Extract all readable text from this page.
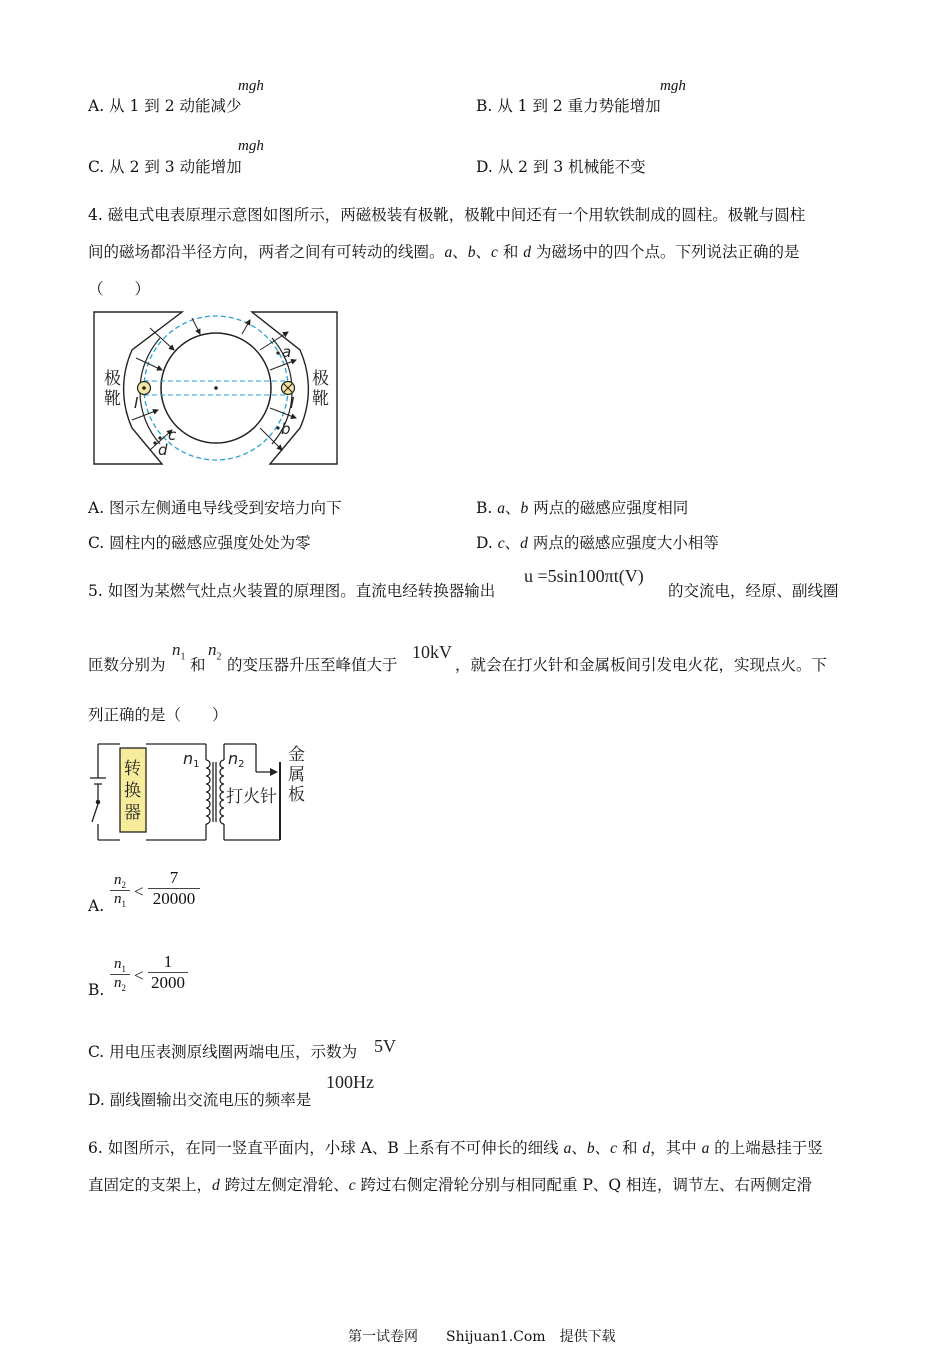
A. 从 1 到 2 动能减少
mgh
B. 从 1 到 2 重力势能增加
mgh
C. 从 2 到 3 动能增加
mgh
D. 从 2 到 3 机械能不变
4. 磁电式电表原理示意图如图所示，两磁极装有极靴，极靴中间还有一个用软铁制成的圆柱。极靴与圆柱
间的磁场都沿半径方向，两者之间有可转动的线圈。a、b、c 和 d 为磁场中的四个点。下列说法正确的是
（　　）
极
靴
极
靴
I	I
a
b
c
d
A. 图示左侧通电导线受到安培力向下	B. a、b 两点的磁感应强度相同
C. 圆柱内的磁感应强度处处为零	D. c、d 两点的磁感应强度大小相等
5. 如图为某燃气灶点火装置的原理图。直流电经转换器输出
u =5sin100πt(V)
的交流电，经原、副线圈
匝数分别为
$n_1$ 和
$n_2$ 的变压器升压至峰值大于
10kV
，就会在打火针和金属板间引发电火花，实现点火。下
列正确的是（　　）
转
换
器
n1 n2
打火针
金
属
板
A. $\frac{n_2}{n_1} < \frac{7}{20000}$
B. $\frac{n_1}{n_2} < \frac{1}{2000}$
C. 用电压表测原线圈两端电压，示数为 5V
D. 副线圈输出交流电压的频率是
100Hz
6. 如图所示，在同一竖直平面内，小球 A、B 上系有不可伸长的细线 a、b、c 和 d，其中 a 的上端悬挂于竖
直固定的支架上，d 跨过左侧定滑轮、c 跨过右侧定滑轮分别与相同配重 P、Q 相连，调节左、右两侧定滑
第一试卷网　　Shijuan1.Com　提供下载
